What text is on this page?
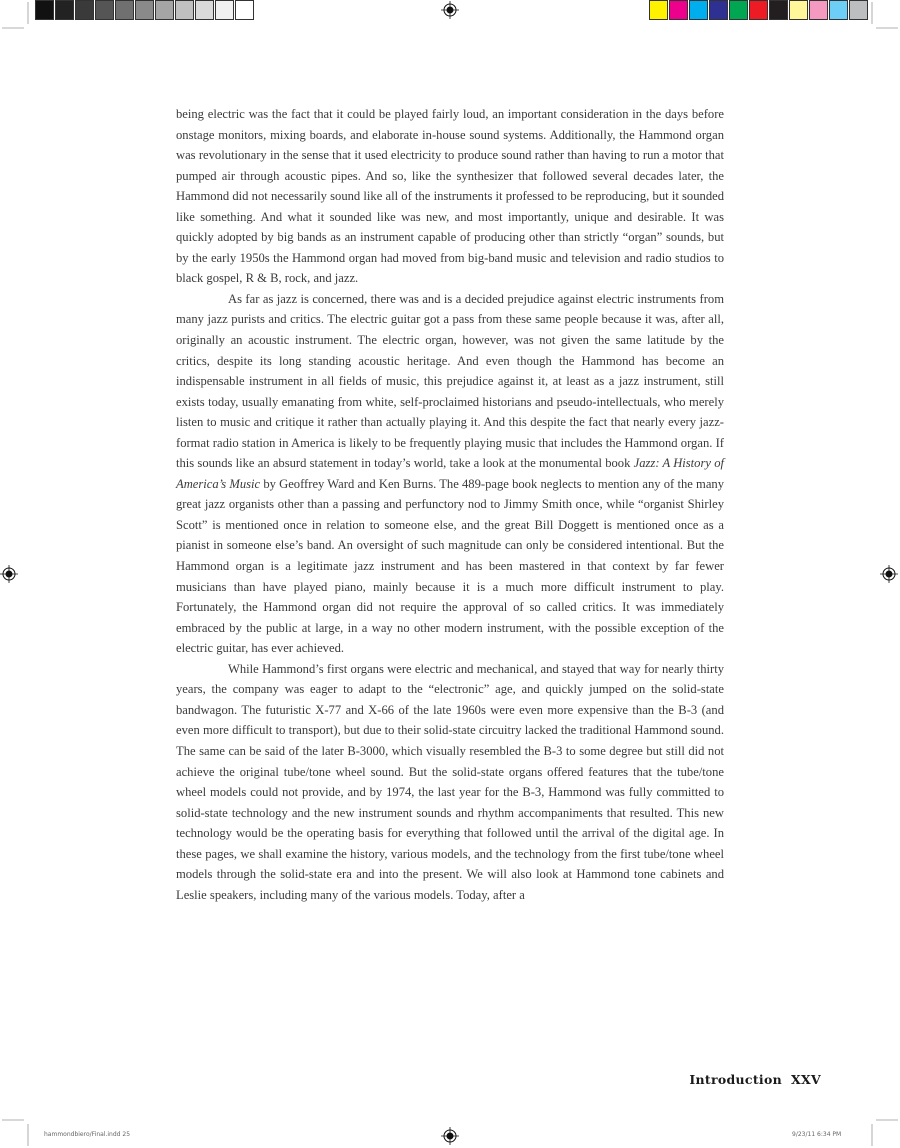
being electric was the fact that it could be played fairly loud, an important consideration in the days before onstage monitors, mixing boards, and elaborate in-house sound systems. Additionally, the Hammond organ was revolutionary in the sense that it used electricity to produce sound rather than having to run a motor that pumped air through acoustic pipes. And so, like the synthesizer that followed several decades later, the Hammond did not necessarily sound like all of the instruments it professed to be reproducing, but it sounded like something. And what it sounded like was new, and most importantly, unique and desirable. It was quickly adopted by big bands as an instrument capable of producing other than strictly “organ” sounds, but by the early 1950s the Hammond organ had moved from big-band music and television and radio studios to black gospel, R & B, rock, and jazz.

As far as jazz is concerned, there was and is a decided prejudice against electric instruments from many jazz purists and critics. The electric guitar got a pass from these same people because it was, after all, originally an acoustic instrument. The electric organ, however, was not given the same latitude by the critics, despite its long standing acoustic heritage. And even though the Hammond has become an indispensable instrument in all fields of music, this prejudice against it, at least as a jazz instrument, still exists today, usually emanating from white, self-proclaimed historians and pseudo-intellectuals, who merely listen to music and critique it rather than actually playing it. And this despite the fact that nearly every jazz-format radio station in America is likely to be frequently playing music that includes the Hammond organ. If this sounds like an absurd statement in today’s world, take a look at the monumental book Jazz: A History of America’s Music by Geoffrey Ward and Ken Burns. The 489-page book neglects to mention any of the many great jazz organists other than a passing and perfunctory nod to Jimmy Smith once, while “organist Shirley Scott” is mentioned once in relation to someone else, and the great Bill Doggett is mentioned once as a pianist in someone else’s band. An oversight of such magnitude can only be considered intentional. But the Hammond organ is a legitimate jazz instrument and has been mastered in that context by far fewer musicians than have played piano, mainly because it is a much more difficult instrument to play. Fortunately, the Hammond organ did not require the approval of so called critics. It was immediately embraced by the public at large, in a way no other modern instrument, with the possible exception of the electric guitar, has ever achieved.

While Hammond’s first organs were electric and mechanical, and stayed that way for nearly thirty years, the company was eager to adapt to the “electronic” age, and quickly jumped on the solid-state bandwagon. The futuristic X-77 and X-66 of the late 1960s were even more expensive than the B-3 (and even more difficult to transport), but due to their solid-state circuitry lacked the traditional Hammond sound. The same can be said of the later B-3000, which visually resembled the B-3 to some degree but still did not achieve the original tube/tone wheel sound. But the solid-state organs offered features that the tube/tone wheel models could not provide, and by 1974, the last year for the B-3, Hammond was fully committed to solid-state technology and the new instrument sounds and rhythm accompaniments that resulted. This new technology would be the operating basis for everything that followed until the arrival of the digital age. In these pages, we shall examine the history, various models, and the technology from the first tube/tone wheel models through the solid-state era and into the present. We will also look at Hammond tone cabinets and Leslie speakers, including many of the various models. Today, after a

Introduction XXV
hammondbiero/Final.indd 25	9/23/11 6:34 PM
